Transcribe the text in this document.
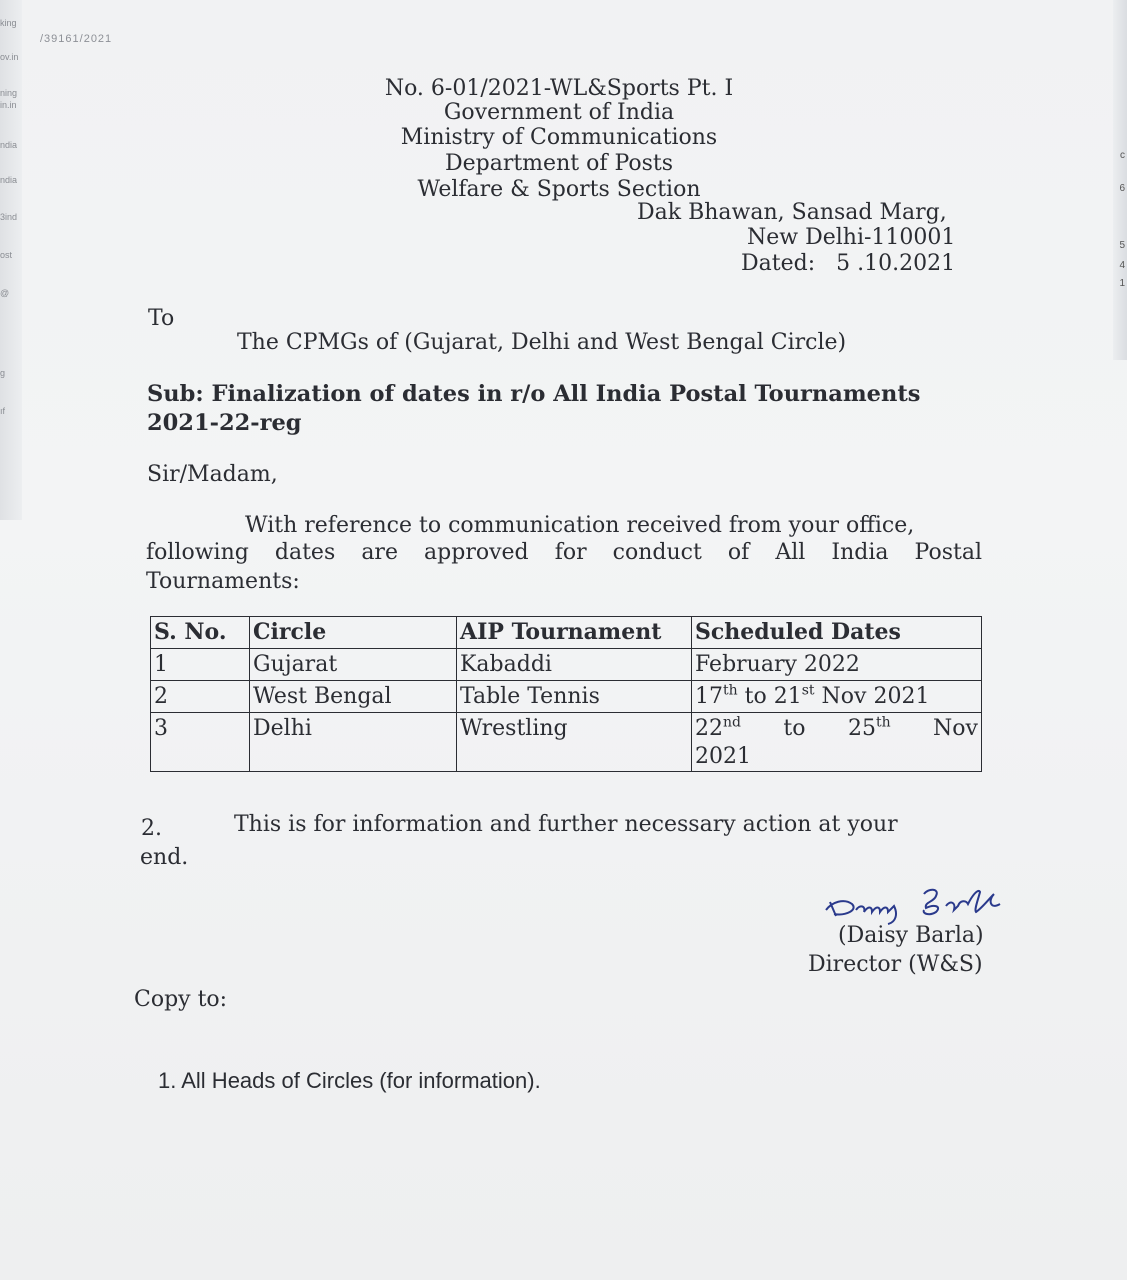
king
ov.in
ning
in.in
ndia
ndia
3ind
ost
@
g
ıf
c
6
5
4
1
/39161/2021
No. 6-01/2021-WL&Sports Pt. I
Government of India
Ministry of Communications
Department of Posts
Welfare & Sports Section
Dak Bhawan, Sansad Marg,
New Delhi-110001
Dated: 5 .10.2021
To
The CPMGs of (Gujarat, Delhi and West Bengal Circle)
Sub: Finalization of dates in r/o All India Postal Tournaments
2021-22-reg
Sir/Madam,
With reference to communication received from your office,
following dates are approved for conduct of All India Postal
Tournaments:
S. No.	Circle	AIP Tournament	Scheduled Dates
1	Gujarat	Kabaddi	February 2022
2	West Bengal	Table Tennis	17th to 21st Nov 2021
3	Delhi	Wrestling	22nd to 25th Nov
2021
2.	This is for information and further necessary action at your
end.
Daisy Barla (Daisy Barla)
Director (W&S)
Copy to:
1. All Heads of Circles (for information).
